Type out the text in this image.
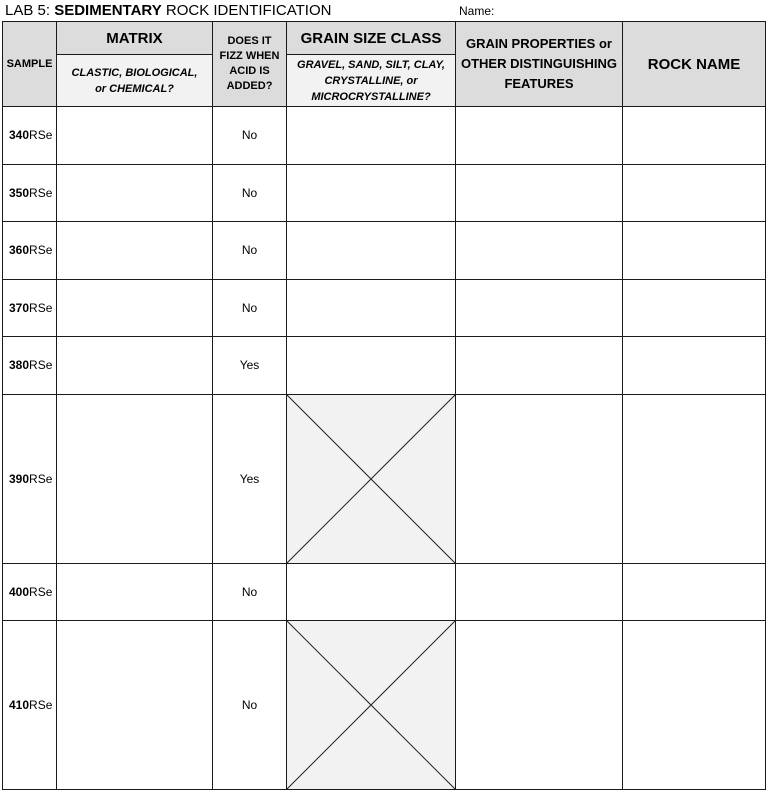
LAB 5: SEDIMENTARY ROCK IDENTIFICATION	Name:
SAMPLE	MATRIX	DOES IT FIZZ WHEN ACID IS ADDED?	GRAIN SIZE CLASS	GRAIN PROPERTIES or OTHER DISTINGUISHING FEATURES	ROCK NAME
	CLASTIC, BIOLOGICAL, or CHEMICAL?		GRAVEL, SAND, SILT, CLAY, CRYSTALLINE, or MICROCRYSTALLINE?		
340RSe		No			
350RSe		No			
360RSe		No			
370RSe		No			
380RSe		Yes			
390RSe		Yes	

400RSe		No			
410RSe		No	
